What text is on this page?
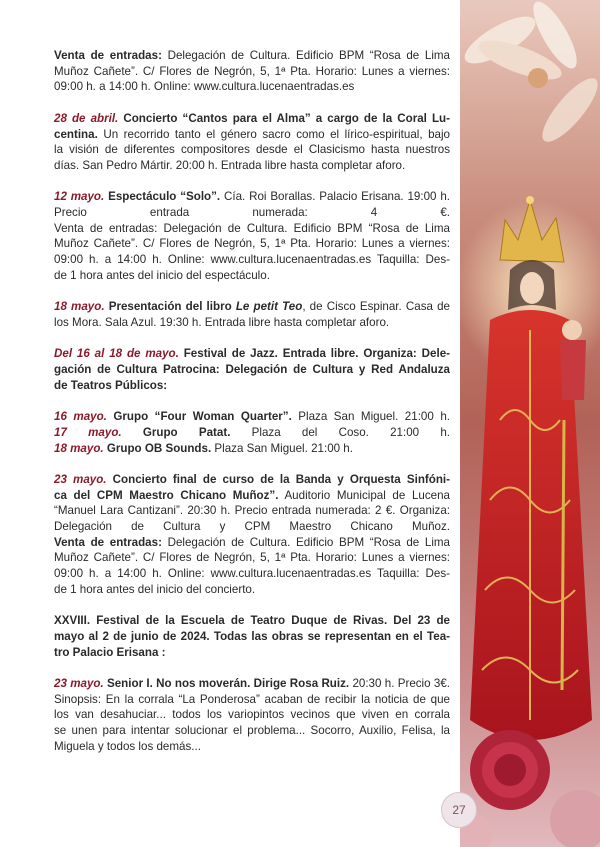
Venta de entradas: Delegación de Cultura. Edificio BPM “Rosa de Lima
Muñoz Cañete”. C/ Flores de Negrón, 5, 1ª Pta. Horario: Lunes a viernes:
09:00 h. a 14:00 h. Online: www.cultura.lucenaentradas.es
28 de abril. Concierto “Cantos para el Alma” a cargo de la Coral Lu-
centina. Un recorrido tanto el género sacro como el lírico-espiritual, bajo
la visión de diferentes compositores desde el Clasicismo hasta nuestros
días. San Pedro Mártir. 20:00 h. Entrada libre hasta completar aforo.
12 mayo. Espectáculo “Solo”. Cía. Roi Borallas. Palacio Erisana. 19:00 h.
Precio entrada numerada: 4 €.
Venta de entradas: Delegación de Cultura. Edificio BPM “Rosa de Lima
Muñoz Cañete”. C/ Flores de Negrón, 5, 1ª Pta. Horario: Lunes a viernes:
09:00 h. a 14:00 h. Online: www.cultura.lucenaentradas.es Taquilla: Des-
de 1 hora antes del inicio del espectáculo.
18 mayo. Presentación del libro Le petit Teo, de Cisco Espinar. Casa de
los Mora. Sala Azul. 19:30 h. Entrada libre hasta completar aforo.
Del 16 al 18 de mayo. Festival de Jazz. Entrada libre. Organiza: Dele-
gación de Cultura Patrocina: Delegación de Cultura y Red Andaluza
de Teatros Públicos:
16 mayo. Grupo “Four Woman Quarter”. Plaza San Miguel. 21:00 h.
17 mayo. Grupo Patat. Plaza del Coso. 21:00 h.
18 mayo. Grupo OB Sounds. Plaza San Miguel. 21:00 h.
23 mayo. Concierto final de curso de la Banda y Orquesta Sinfóni-
ca del CPM Maestro Chicano Muñoz”. Auditorio Municipal de Lucena
“Manuel Lara Cantizani”. 20:30 h. Precio entrada numerada: 2 €. Organiza:
Delegación de Cultura y CPM Maestro Chicano Muñoz.
Venta de entradas: Delegación de Cultura. Edificio BPM “Rosa de Lima
Muñoz Cañete”. C/ Flores de Negrón, 5, 1ª Pta. Horario: Lunes a viernes:
09:00 h. a 14:00 h. Online: www.cultura.lucenaentradas.es Taquilla: Des-
de 1 hora antes del inicio del concierto.
XXVIII. Festival de la Escuela de Teatro Duque de Rivas. Del 23 de
mayo al 2 de junio de 2024. Todas las obras se representan en el Tea-
tro Palacio Erisana :
23 mayo. Senior I. No nos moverán. Dirige Rosa Ruiz. 20:30 h. Precio 3€.
Sinopsis: En la corrala “La Ponderosa” acaban de recibir la noticia de que
los van desahuciar... todos los variopintos vecinos que viven en corrala
se unen para intentar solucionar el problema... Socorro, Auxilio, Felisa, la
Miguela y todos los demás...
27
